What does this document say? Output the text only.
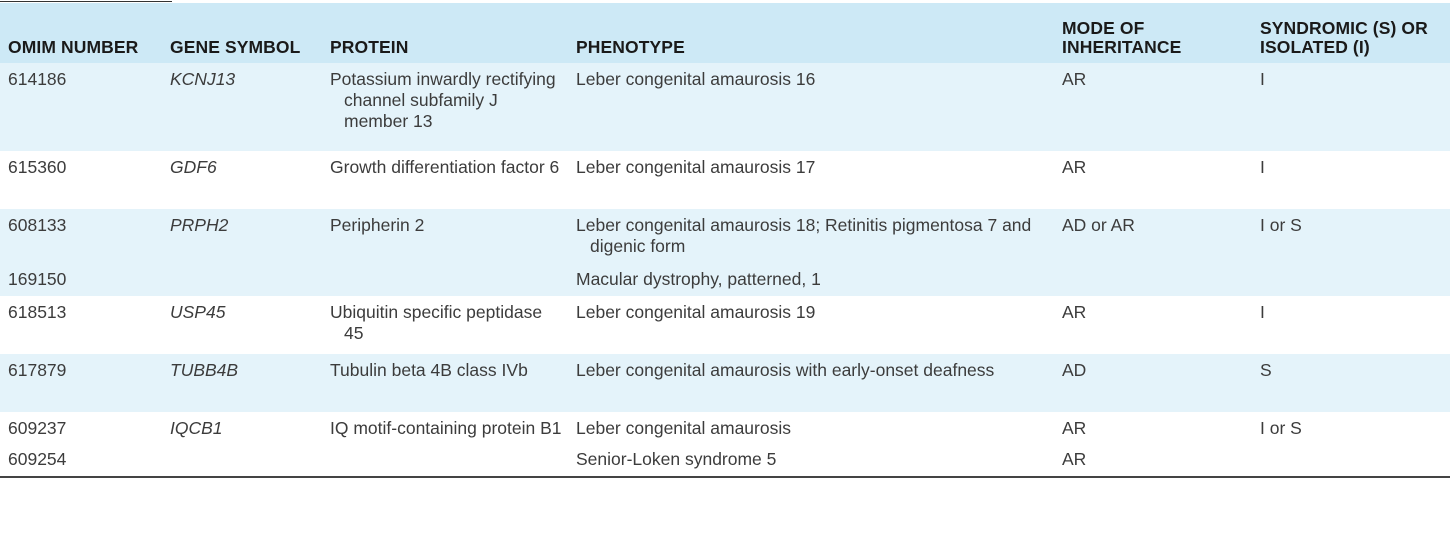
OMIM NUMBER	GENE SYMBOL	PROTEIN	PHENOTYPE	MODE OF INHERITANCE	SYNDROMIC (S) OR ISOLATED (I)
614186	KCNJ13	Potassium inwardly rectifying channel subfamily J member 13	Leber congenital amaurosis 16	AR	I
615360	GDF6	Growth differentiation factor 6	Leber congenital amaurosis 17	AR	I
608133	PRPH2	Peripherin 2	Leber congenital amaurosis 18; Retinitis pigmentosa 7 and digenic form	AD or AR	I or S
169150			Macular dystrophy, patterned, 1		

618513	USP45	Ubiquitin specific peptidase 45	Leber congenital amaurosis 19	AR	I
617879	TUBB4B	Tubulin beta 4B class IVb	Leber congenital amaurosis with early-onset deafness	AD	S
609237	IQCB1	IQ motif-containing protein B1	Leber congenital amaurosis	AR	I or S
609254			Senior-Loken syndrome 5	AR	
